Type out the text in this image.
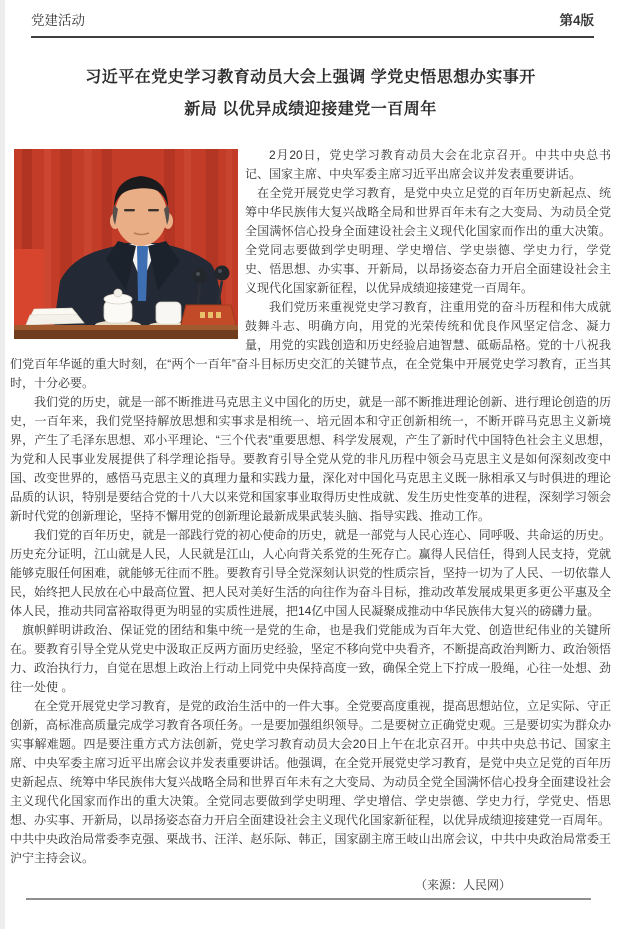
党建活动	第4版
习近平在党史学习教育动员大会上强调 学党史悟思想办实事开
新局 以优异成绩迎接建党一百周年

2月20日，党史学习教育动员大会在北京召开。中共中央总书记、国家主席、中央军委主席习近平出席会议并发表重要讲话。

在全党开展党史学习教育，是党中央立足党的百年历史新起点、统筹中华民族伟大复兴战略全局和世界百年未有之大变局、为动员全党全国满怀信心投身全面建设社会主义现代化国家而作出的重大决策。全党同志要做到学史明理、学史增信、学史崇德、学史力行，学党史、悟思想、办实事、开新局，以昂扬姿态奋力开启全面建设社会主义现代化国家新征程，以优异成绩迎接建党一百周年。

我们党历来重视党史学习教育，注重用党的奋斗历程和伟大成就鼓舞斗志、明确方向，用党的光荣传统和优良作风坚定信念、凝力量，用党的实践创造和历史经验启迪智慧、砥砺品格。党的十八祝我们党百年华诞的重大时刻，在“两个一百年”奋斗目标历史交汇的关键节点，在全党集中开展党史学习教育，正当其时，十分必要。

我们党的历史，就是一部不断推进马克思主义中国化的历史，就是一部不断推进理论创新、进行理论创造的历史，一百年来，我们党坚持解放思想和实事求是相统一、培元固本和守正创新相统一，不断开辟马克思主义新境界，产生了毛泽东思想、邓小平理论、“三个代表”重要思想、科学发展观，产生了新时代中国特色社会主义思想，为党和人民事业发展提供了科学理论指导。要教育引导全党从党的非凡历程中领会马克思主义是如何深刻改变中国、改变世界的，感悟马克思主义的真理力量和实践力量，深化对中国化马克思主义既一脉相承又与时俱进的理论品质的认识，特别是要结合党的十八大以来党和国家事业取得历史性成就、发生历史性变革的进程，深刻学习领会新时代党的创新理论，坚持不懈用党的创新理论最新成果武装头脑、指导实践、推动工作。

我们党的百年历史，就是一部践行党的初心使命的历史，就是一部党与人民心连心、同呼吸、共命运的历史。历史充分证明，江山就是人民，人民就是江山，人心向背关系党的生死存亡。赢得人民信任，得到人民支持，党就能够克服任何困难，就能够无往而不胜。要教育引导全党深刻认识党的性质宗旨，坚持一切为了人民、一切依靠人民，始终把人民放在心中最高位置、把人民对美好生活的向往作为奋斗目标，推动改革发展成果更多更公平惠及全体人民，推动共同富裕取得更为明显的实质性进展，把14亿中国人民凝聚成推动中华民族伟大复兴的磅礴力量。

旗帜鲜明讲政治、保证党的团结和集中统一是党的生命，也是我们党能成为百年大党、创造世纪伟业的关键所在。要教育引导全党从党史中汲取正反两方面历史经验，坚定不移向党中央看齐，不断提高政治判断力、政治领悟力、政治执行力，自觉在思想上政治上行动上同党中央保持高度一致，确保全党上下拧成一股绳，心往一处想、劲往一处使 。

在全党开展党史学习教育，是党的政治生活中的一件大事。全党要高度重视，提高思想站位，立足实际、守正创新，高标准高质量完成学习教育各项任务。一是要加强组织领导。二是要树立正确党史观。三是要切实为群众办实事解难题。四是要注重方式方法创新，党史学习教育动员大会20日上午在北京召开。中共中央总书记、国家主席、中央军委主席习近平出席会议并发表重要讲话。他强调，在全党开展党史学习教育，是党中央立足党的百年历史新起点、统筹中华民族伟大复兴战略全局和世界百年未有之大变局、为动员全党全国满怀信心投身全面建设社会主义现代化国家而作出的重大决策。全党同志要做到学史明理、学史增信、学史崇德、学史力行，学党史、悟思想、办实事、开新局，以昂扬姿态奋力开启全面建设社会主义现代化国家新征程，以优异成绩迎接建党一百周年。

中共中央政治局常委李克强、栗战书、汪洋、赵乐际、韩正，国家副主席王岐山出席会议，中共中央政治局常委王沪宁主持会议。

（来源：人民网）
